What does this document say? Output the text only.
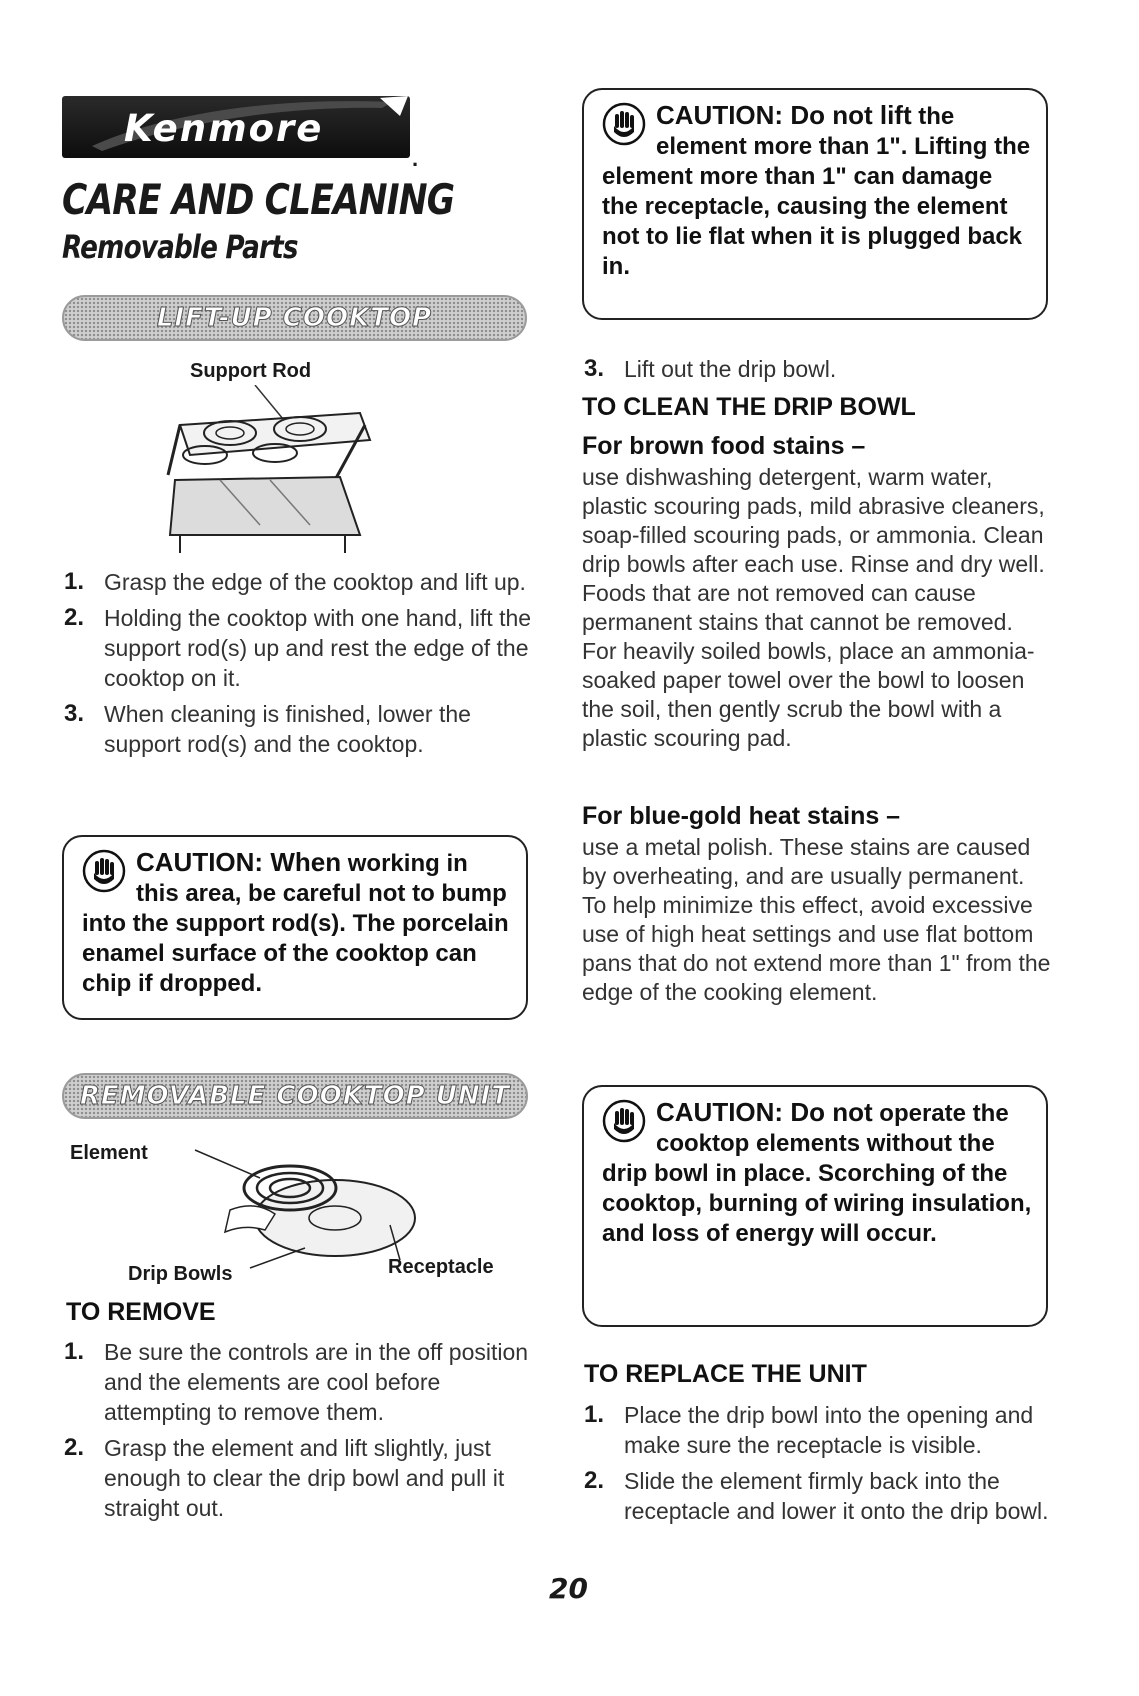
Kenmore
.
CARE AND CLEANING
Removable Parts
LIFT-UP COOKTOP
Support Rod
1. Grasp the edge of the cooktop and lift up.
2. Holding the cooktop with one hand, lift the support rod(s) up and rest the edge of the cooktop on it.
3. When cleaning is finished, lower the support rod(s) and the cooktop.
CAUTION: When working in this area, be careful not to bump into the support rod(s). The porcelain enamel surface of the cooktop can chip if dropped.
REMOVABLE COOKTOP UNIT
Element
Drip Bowls	Receptacle
TO REMOVE
1. Be sure the controls are in the off position and the elements are cool before attempting to remove them.
2. Grasp the element and lift slightly, just enough to clear the drip bowl and pull it straight out.
CAUTION: Do not lift the element more than 1". Lifting the element more than 1" can damage the receptacle, causing the element not to lie flat when it is plugged back in.
3. Lift out the drip bowl.
TO CLEAN THE DRIP BOWL
For brown food stains –
use dishwashing detergent, warm water, plastic scouring pads, mild abrasive cleaners, soap-filled scouring pads, or ammonia. Clean drip bowls after each use. Rinse and dry well. Foods that are not removed can cause permanent stains that cannot be removed. For heavily soiled bowls, place an ammonia-soaked paper towel over the bowl to loosen the soil, then gently scrub the bowl with a plastic scouring pad.
For blue-gold heat stains –
use a metal polish. These stains are caused by overheating, and are usually permanent. To help minimize this effect, avoid excessive use of high heat settings and use flat bottom pans that do not extend more than 1" from the edge of the cooking element.
CAUTION: Do not operate the cooktop elements without the drip bowl in place. Scorching of the cooktop, burning of wiring insulation, and loss of energy will occur.
TO REPLACE THE UNIT
1. Place the drip bowl into the opening and make sure the receptacle is visible.
2. Slide the element firmly back into the receptacle and lower it onto the drip bowl.
20
